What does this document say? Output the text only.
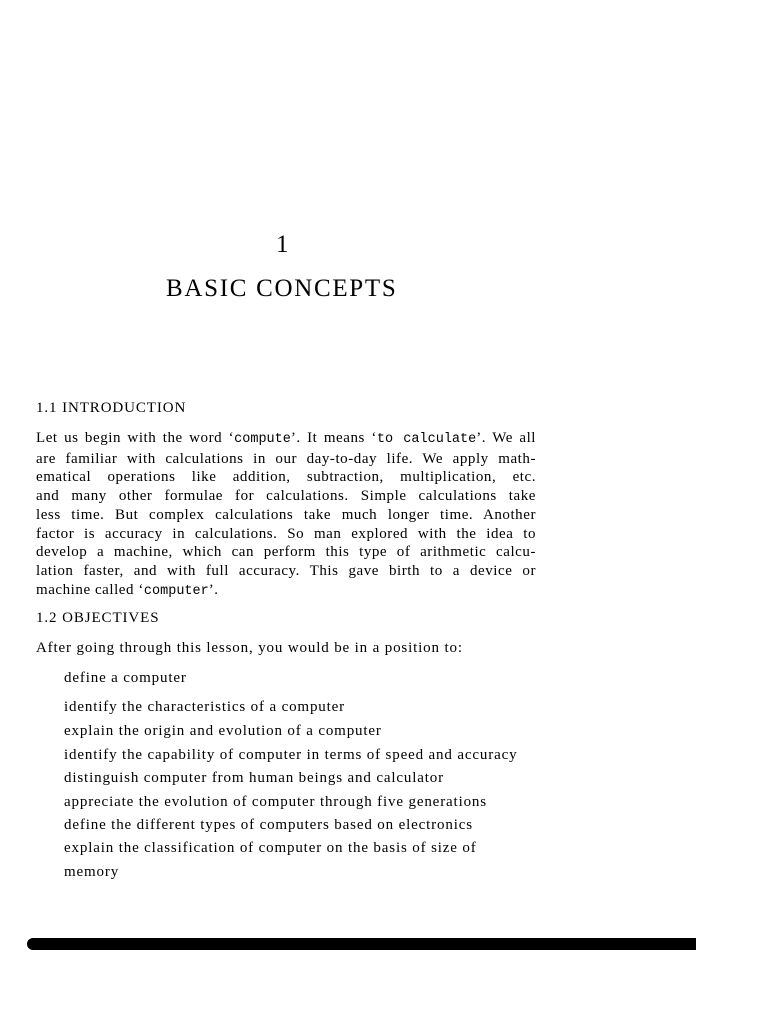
1
BASIC CONCEPTS
1.1 INTRODUCTION
Let us begin with the word ‘compute’. It means ‘to calculate’. We all
are familiar with calculations in our day-to-day life. We apply math-
ematical operations like addition, subtraction, multiplication, etc.
and many other formulae for calculations. Simple calculations take
less time. But complex calculations take much longer time. Another
factor is accuracy in calculations. So man explored with the idea to
develop a machine, which can perform this type of arithmetic calcu-
lation faster, and with full accuracy. This gave birth to a device or
machine called ‘computer’.
1.2 OBJECTIVES
After going through this lesson, you would be in a position to:
define a computer
identify the characteristics of a computer
explain the origin and evolution of a computer
identify the capability of computer in terms of speed and accuracy
distinguish computer from human beings and calculator
appreciate the evolution of computer through five generations
define the different types of computers based on electronics
explain the classification of computer on the basis of size of
memory
